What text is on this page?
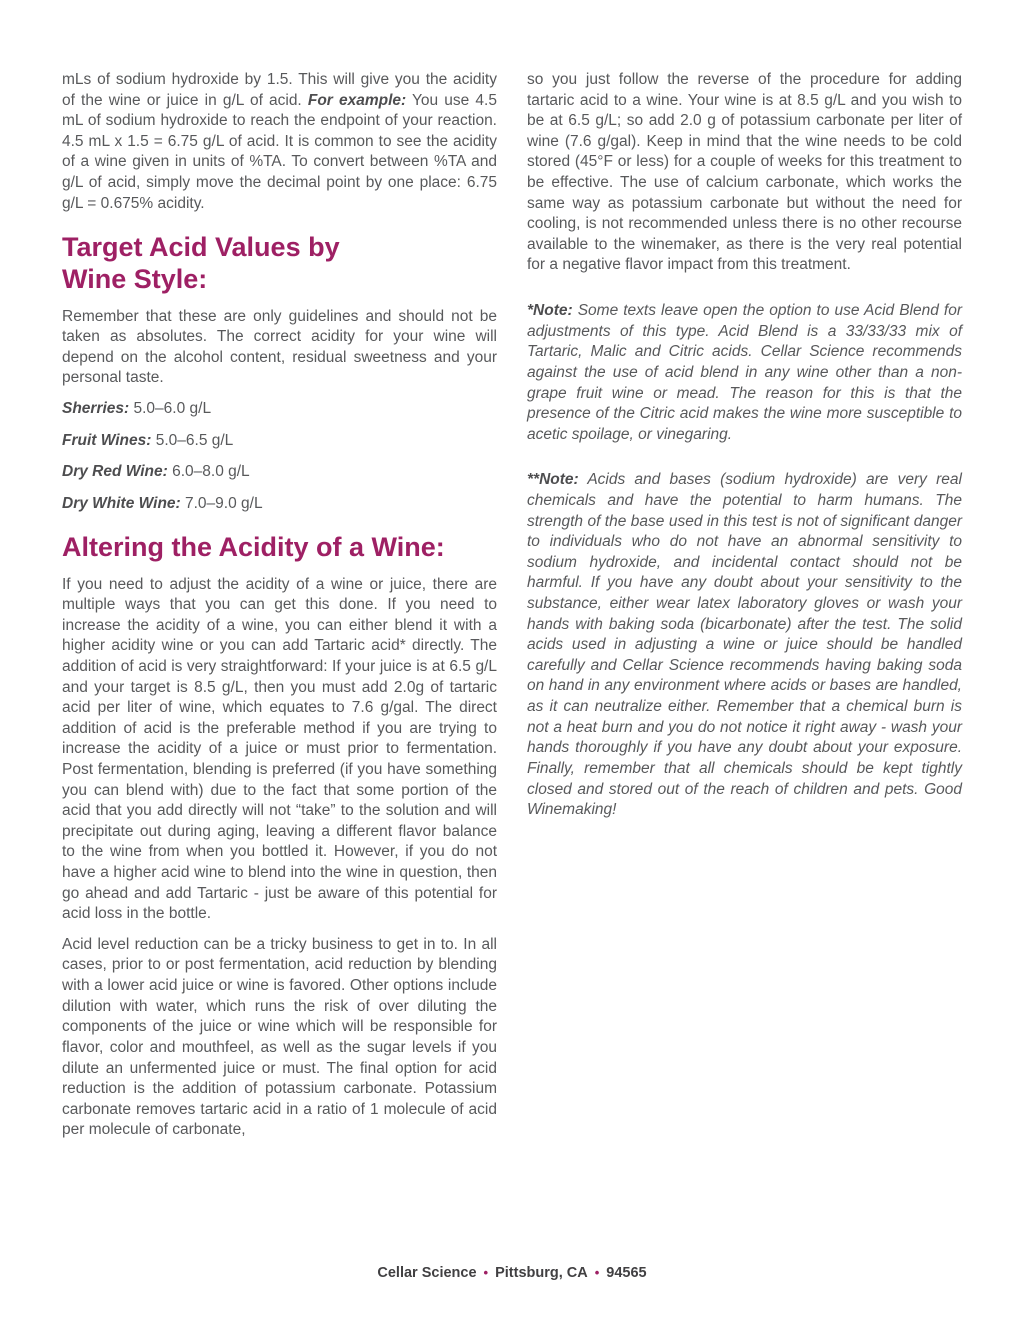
mLs of sodium hydroxide by 1.5. This will give you the acidity of the wine or juice in g/L of acid. For example: You use 4.5 mL of sodium hydroxide to reach the endpoint of your reaction. 4.5 mL x 1.5 = 6.75 g/L of acid. It is common to see the acidity of a wine given in units of %TA. To convert between %TA and g/L of acid, simply move the decimal point by one place: 6.75 g/L = 0.675% acidity.

Target Acid Values by
Wine Style:

Remember that these are only guidelines and should not be taken as absolutes. The correct acidity for your wine will depend on the alcohol content, residual sweetness and your personal taste.

Sherries: 5.0–6.0 g/L
Fruit Wines: 5.0–6.5 g/L
Dry Red Wine: 6.0–8.0 g/L
Dry White Wine: 7.0–9.0 g/L
Altering the Acidity of a Wine:

If you need to adjust the acidity of a wine or juice, there are multiple ways that you can get this done. If you need to increase the acidity of a wine, you can either blend it with a higher acidity wine or you can add Tartaric acid* directly. The addition of acid is very straightforward: If your juice is at 6.5 g/L and your target is 8.5 g/L, then you must add 2.0g of tartaric acid per liter of wine, which equates to 7.6 g/gal. The direct addition of acid is the preferable method if you are trying to increase the acidity of a juice or must prior to fermentation. Post fermentation, blending is preferred (if you have something you can blend with) due to the fact that some portion of the acid that you add directly will not “take” to the solution and will precipitate out during aging, leaving a different flavor balance to the wine from when you bottled it. However, if you do not have a higher acid wine to blend into the wine in question, then go ahead and add Tartaric - just be aware of this potential for acid loss in the bottle.

Acid level reduction can be a tricky business to get in to. In all cases, prior to or post fermentation, acid reduction by blending with a lower acid juice or wine is favored. Other options include dilution with water, which runs the risk of over diluting the components of the juice or wine which will be responsible for flavor, color and mouthfeel, as well as the sugar levels if you dilute an unfermented juice or must. The final option for acid reduction is the addition of potassium carbonate. Potassium carbonate removes tartaric acid in a ratio of 1 molecule of acid per molecule of carbonate,

so you just follow the reverse of the procedure for adding tartaric acid to a wine. Your wine is at 8.5 g/L and you wish to be at 6.5 g/L; so add 2.0 g of potassium carbonate per liter of wine (7.6 g/gal). Keep in mind that the wine needs to be cold stored (45°F or less) for a couple of weeks for this treatment to be effective. The use of calcium carbonate, which works the same way as potassium carbonate but without the need for cooling, is not recommended unless there is no other recourse available to the winemaker, as there is the very real potential for a negative flavor impact from this treatment.

*Note: Some texts leave open the option to use Acid Blend for adjustments of this type. Acid Blend is a 33/33/33 mix of Tartaric, Malic and Citric acids. Cellar Science recommends against the use of acid blend in any wine other than a non-grape fruit wine or mead. The reason for this is that the presence of the Citric acid makes the wine more susceptible to acetic spoilage, or vinegaring.

**Note: Acids and bases (sodium hydroxide) are very real chemicals and have the potential to harm humans. The strength of the base used in this test is not of significant danger to individuals who do not have an abnormal sensitivity to sodium hydroxide, and incidental contact should not be harmful. If you have any doubt about your sensitivity to the substance, either wear latex laboratory gloves or wash your hands with baking soda (bicarbonate) after the test. The solid acids used in adjusting a wine or juice should be handled carefully and Cellar Science recommends having baking soda on hand in any environment where acids or bases are handled, as it can neutralize either. Remember that a chemical burn is not a heat burn and you do not notice it right away - wash your hands thoroughly if you have any doubt about your exposure. Finally, remember that all chemicals should be kept tightly closed and stored out of the reach of children and pets. Good Winemaking!

Cellar Science • Pittsburg, CA • 94565
